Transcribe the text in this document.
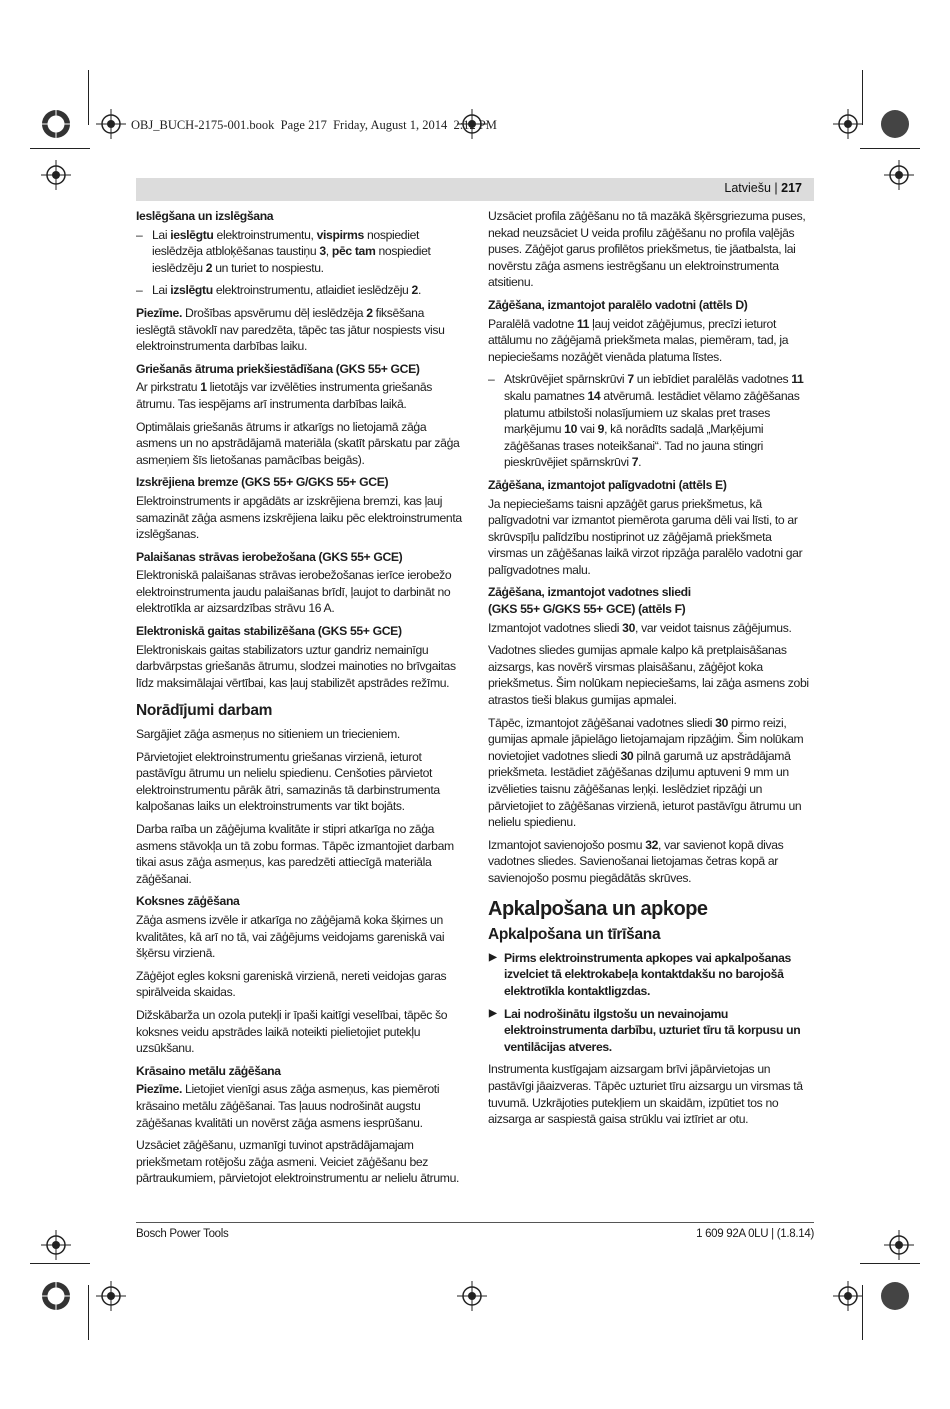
OBJ_BUCH-2175-001.book  Page 217  Friday, August 1, 2014  2:12 PM
Latviešu | 217
Ieslēgšana un izslēgšana

– Lai ieslēgtu elektroinstrumentu, vispirms nospiediet ieslēdzēja atbloķēšanas taustiņu 3, pēc tam nospiediet ieslēdzēju 2 un turiet to nospiestu.

– Lai izslēgtu elektroinstrumentu, atlaidiet ieslēdzēju 2.

Piezīme. Drošības apsvērumu dēļ ieslēdzēja 2 fiksēšana ieslēgtā stāvoklī nav paredzēta, tāpēc tas jātur nospiests visu elektroinstrumenta darbības laiku.

Griešanās ātruma priekšiestādīšana (GKS 55+ GCE)

Ar pirkstratu 1 lietotājs var izvēlēties instrumenta griešanās ātrumu. Tas iespējams arī instrumenta darbības laikā.

Optimālais griešanās ātrums ir atkarīgs no lietojamā zāģa asmens un no apstrādājamā materiāla (skatīt pārskatu par zāģa asmeņiem šīs lietošanas pamācības beigās).

Izskrējiena bremze (GKS 55+ G/GKS 55+ GCE)

Elektroinstruments ir apgādāts ar izskrējiena bremzi, kas ļauj samazināt zāģa asmens izskrējiena laiku pēc elektroinstrumenta izslēgšanas.

Palaišanas strāvas ierobežošana (GKS 55+ GCE)

Elektroniskā palaišanas strāvas ierobežošanas ierīce ierobežo elektroinstrumenta jaudu palaišanas brīdī, ļaujot to darbināt no elektrotīkla ar aizsardzības strāvu 16 A.

Elektroniskā gaitas stabilizēšana (GKS 55+ GCE)

Elektroniskais gaitas stabilizators uztur gandriz nemainīgu darbvārpstas griešanās ātrumu, slodzei mainoties no brīvgaitas līdz maksimālajai vērtībai, kas ļauj stabilizēt apstrādes režīmu.

Norādījumi darbam

Sargājiet zāģa asmeņus no sitieniem un triecieniem.

Pārvietojiet elektroinstrumentu griešanas virzienā, ieturot pastāvīgu ātrumu un nelielu spiedienu. Cenšoties pārvietot elektroinstrumentu pārāk ātri, samazinās tā darbinstrumenta kalpošanas laiks un elektroinstruments var tikt bojāts.

Darba raība un zāģējuma kvalitāte ir stipri atkarīga no zāģa asmens stāvokļa un tā zobu formas. Tāpēc izmantojiet darbam tikai asus zāģa asmeņus, kas paredzēti attiecīgā materiāla zāģēšanai.

Koksnes zāģēšana

Zāģa asmens izvēle ir atkarīga no zāģējamā koka šķirnes un kvalitātes, kā arī no tā, vai zāģējums veidojams gareniskā vai šķērsu virzienā.

Zāģējot egles koksni gareniskā virzienā, nereti veidojas garas spirālveida skaidas.

Dižskābarža un ozola putekļi ir īpaši kaitīgi veselībai, tāpēc šo koksnes veidu apstrādes laikā noteikti pielietojiet putekļu uzsūkšanu.

Krāsaino metālu zāģēšana

Piezīme. Lietojiet vienīgi asus zāģa asmeņus, kas piemēroti krāsaino metālu zāģēšanai. Tas ļauus nodrošināt augstu zāģēšanas kvalitāti un novērst zāģa asmens iesprūšanu.

Uzsāciet zāģēšanu, uzmanīgi tuvinot apstrādājamajam priekšmetam rotējošu zāģa asmeni. Veiciet zāģēšanu bez pārtraukumiem, pārvietojot elektroinstrumentu ar nelielu ātrumu.

Uzsāciet profila zāģēšanu no tā mazākā šķērsgriezuma puses, nekad neuzsāciet U veida profilu zāģēšanu no profila vaļējās puses. Zāģējot garus profilētos priekšmetus, tie jāatbalsta, lai novērstu zāģa asmens iestrēgšanu un elektroinstrumenta atsitienu.

Zāģēšana, izmantojot paralēlo vadotni (attēls D)

Paralēlā vadotne 11 ļauj veidot zāģējumus, precīzi ieturot attālumu no zāģējamā priekšmeta malas, piemēram, tad, ja nepieciešams nozāģēt vienāda platuma līstes.

– Atskrūvējiet spārnskrūvi 7 un iebīdiet paralēlās vadotnes 11 skalu pamatnes 14 atvērumā. Iestādiet vēlamo zāģēšanas platumu atbilstoši nolasījumiem uz skalas pret trases marķējumu 10 vai 9, kā norādīts sadaļā „Marķējumi zāģēšanas trases noteikšanai“. Tad no jauna stingri pieskrūvējiet spārnskrūvi 7.

Zāģēšana, izmantojot palīgvadotni (attēls E)

Ja nepieciešams taisni apzāģēt garus priekšmetus, kā palīgvadotni var izmantot piemērota garuma dēli vai līsti, to ar skrūvspīļu palīdzību nostiprinot uz zāģējamā priekšmeta virsmas un zāģēšanas laikā virzot ripzāģa paralēlo vadotni gar palīgvadotnes malu.

Zāģēšana, izmantojot vadotnes sliedi
(GKS 55+ G/GKS 55+ GCE) (attēls F)

Izmantojot vadotnes sliedi 30, var veidot taisnus zāģējumus.

Vadotnes sliedes gumijas apmale kalpo kā pretplaisāšanas aizsargs, kas novērš virsmas plaisāšanu, zāģējot koka priekšmetus. Šim nolūkam nepieciešams, lai zāģa asmens zobi atrastos tieši blakus gumijas apmalei.

Tāpēc, izmantojot zāģēšanai vadotnes sliedi 30 pirmo reizi, gumijas apmale jāpielāgo lietojamajam ripzāģim. Šim nolūkam novietojiet vadotnes sliedi 30 pilnā garumā uz apstrādājamā priekšmeta. Iestādiet zāģēšanas dziļumu aptuveni 9 mm un izvēlieties taisnu zāģēšanas leņķi. Ieslēdziet ripzāģi un pārvietojiet to zāģēšanas virzienā, ieturot pastāvīgu ātrumu un nelielu spiedienu.

Izmantojot savienojošo posmu 32, var savienot kopā divas vadotnes sliedes. Savienošanai lietojamas četras kopā ar savienojošo posmu piegādātās skrūves.

Apkalpošana un apkope
Apkalpošana un tīrīšana

▶ Pirms elektroinstrumenta apkopes vai apkalpošanas izvelciet tā elektrokabeļa kontaktdakšu no barojošā elektrotīkla kontaktligzdas.

▶ Lai nodrošinātu ilgstošu un nevainojamu elektroinstrumenta darbību, uzturiet tīru tā korpusu un ventilācijas atveres.

Instrumenta kustīgajam aizsargam brīvi jāpārvietojas un pastāvīgi jāaizveras. Tāpēc uzturiet tīru aizsargu un virsmas tā tuvumā. Uzkrājoties putekļiem un skaidām, izpūtiet tos no aizsarga ar saspiestā gaisa strūklu vai iztīriet ar otu.

Bosch Power Tools	1 609 92A 0LU | (1.8.14)
